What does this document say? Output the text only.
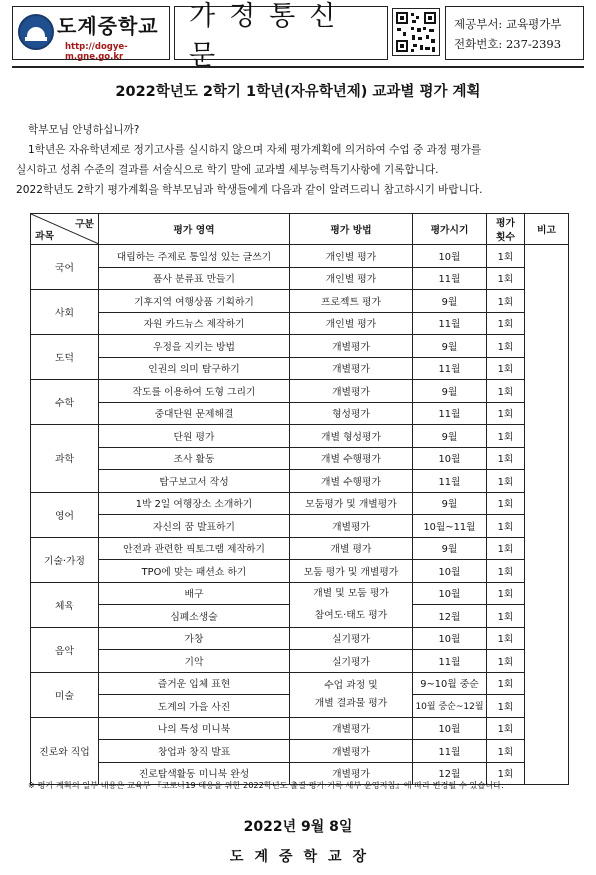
도계중학교
http://dogye-m.gne.go.kr
가정통신문
제공부서: 교육평가부
전화번호: 237-2393
2022학년도 2학기 1학년(자유학년제) 교과별 평가 계획

학부모님 안녕하십니까?

1학년은 자유학년제로 정기고사를 실시하지 않으며 자체 평가계획에 의거하여 수업 중 과정 평가를

실시하고 성취 수준의 결과를 서술식으로 학기 말에 교과별 세부능력특기사항에 기록합니다.

2022학년도 2학기 평가계획을 학부모님과 학생들에게 다음과 같이 알려드리니 참고하시기 바랍니다.

구분
과목	평가 영역	평가 방법	평가시기	평가
횟수	비고
국어	대립하는 주제로 통일성 있는 글쓰기	개인별 평가	10월	1회	
	품사 분류표 만들기	개인별 평가	11월	1회	
사회	기후지역 여행상품 기획하기	프로젝트 평가	9월	1회	
	자원 카드뉴스 제작하기	개인별 평가	11월	1회	
도덕	우정을 지키는 방법	개별평가	9월	1회	
	인권의 의미 탐구하기	개별평가	11월	1회	
수학	작도를 이용하여 도형 그리기	개별평가	9월	1회	
	중대단원 문제해결	형성평가	11월	1회	
과학	단원 평가	개별 형성평가	9월	1회	
	조사 활동	개별 수행평가	10월	1회	
	탐구보고서 작성	개별 수행평가	11월	1회	
영어	1박 2일 여행장소 소개하기	모둠평가 및 개별평가	9월	1회	
	자신의 꿈 발표하기	개별평가	10월~11월	1회	
기술·가정	안전과 관련한 픽토그램 제작하기	개별 평가	9월	1회	
	TPO에 맞는 패션쇼 하기	모둠 평가 및 개별평가	10월	1회	
체육	배구	개별 및 모둠 평가
참여도·태도 평가	10월	1회	
	심폐소생술		12월	1회	
음악	가창	실기평가	10월	1회	
	기악	실기평가	11월	1회	
미술	즐거운 입체 표현	수업 과정 및
개별 결과물 평가	9~10월 중순	1회	
	도계의 가을 사진		10월 중순~12월	1회	
진로와 직업	나의 특성 미니북	개별평가	10월	1회	
	창업과 창직 발표	개별평가	11월	1회	
	진로탐색활동 미니북 완성	개별평가	12월	1회	
※ 평가 계획의 일부 내용은 교육부 『코로나19 대응을 위한 2022학년도 출결·평가·기록 세부 운영지침』에 따라 변경될 수 있습니다.
2022년 9월 8일
도계중학교장
